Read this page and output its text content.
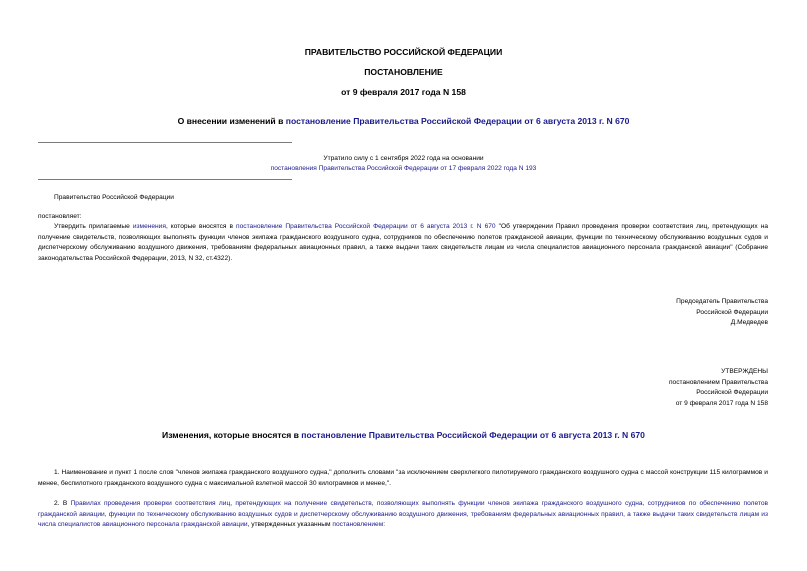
ПРАВИТЕЛЬСТВО РОССИЙСКОЙ ФЕДЕРАЦИИ
ПОСТАНОВЛЕНИЕ
от 9 февраля 2017 года N 158
О внесении изменений в постановление Правительства Российской Федерации от 6 августа 2013 г. N 670
Утратило силу с 1 сентября 2022 года на основании
постановления Правительства Российской Федерации от 17 февраля 2022 года N 193
Правительство Российской Федерации
постановляет:
Утвердить прилагаемые изменения, которые вносятся в постановление Правительства Российской Федерации от 6 августа 2013 г. N 670 "Об утверждении Правил проведения проверки соответствия лиц, претендующих на получение свидетельств, позволяющих выполнять функции членов экипажа гражданского воздушного судна, сотрудников по обеспечению полетов гражданской авиации, функции по техническому обслуживанию воздушных судов и диспетчерскому обслуживанию воздушного движения, требованиям федеральных авиационных правил, а также выдачи таких свидетельств лицам из числа специалистов авиационного персонала гражданской авиации" (Собрание законодательства Российской Федерации, 2013, N 32, ст.4322).
Председатель Правительства
Российской Федерации
Д.Медведев
УТВЕРЖДЕНЫ
постановлением Правительства
Российской Федерации
от 9 февраля 2017 года N 158
Изменения, которые вносятся в постановление Правительства Российской Федерации от 6 августа 2013 г. N 670
1. Наименование и пункт 1 после слов "членов экипажа гражданского воздушного судна," дополнить словами "за исключением сверхлегкого пилотируемого гражданского воздушного судна с массой конструкции 115 килограммов и менее, беспилотного гражданского воздушного судна с максимальной взлетной массой 30 килограммов и менее,".
2. В Правилах проведения проверки соответствия лиц, претендующих на получение свидетельств, позволяющих выполнять функции членов экипажа гражданского воздушного судна, сотрудников по обеспечению полетов гражданской авиации, функции по техническому обслуживанию воздушных судов и диспетчерскому обслуживанию воздушного движения, требованиям федеральных авиационных правил, а также выдачи таких свидетельств лицам из числа специалистов авиационного персонала гражданской авиации, утвержденных указанным постановлением:
